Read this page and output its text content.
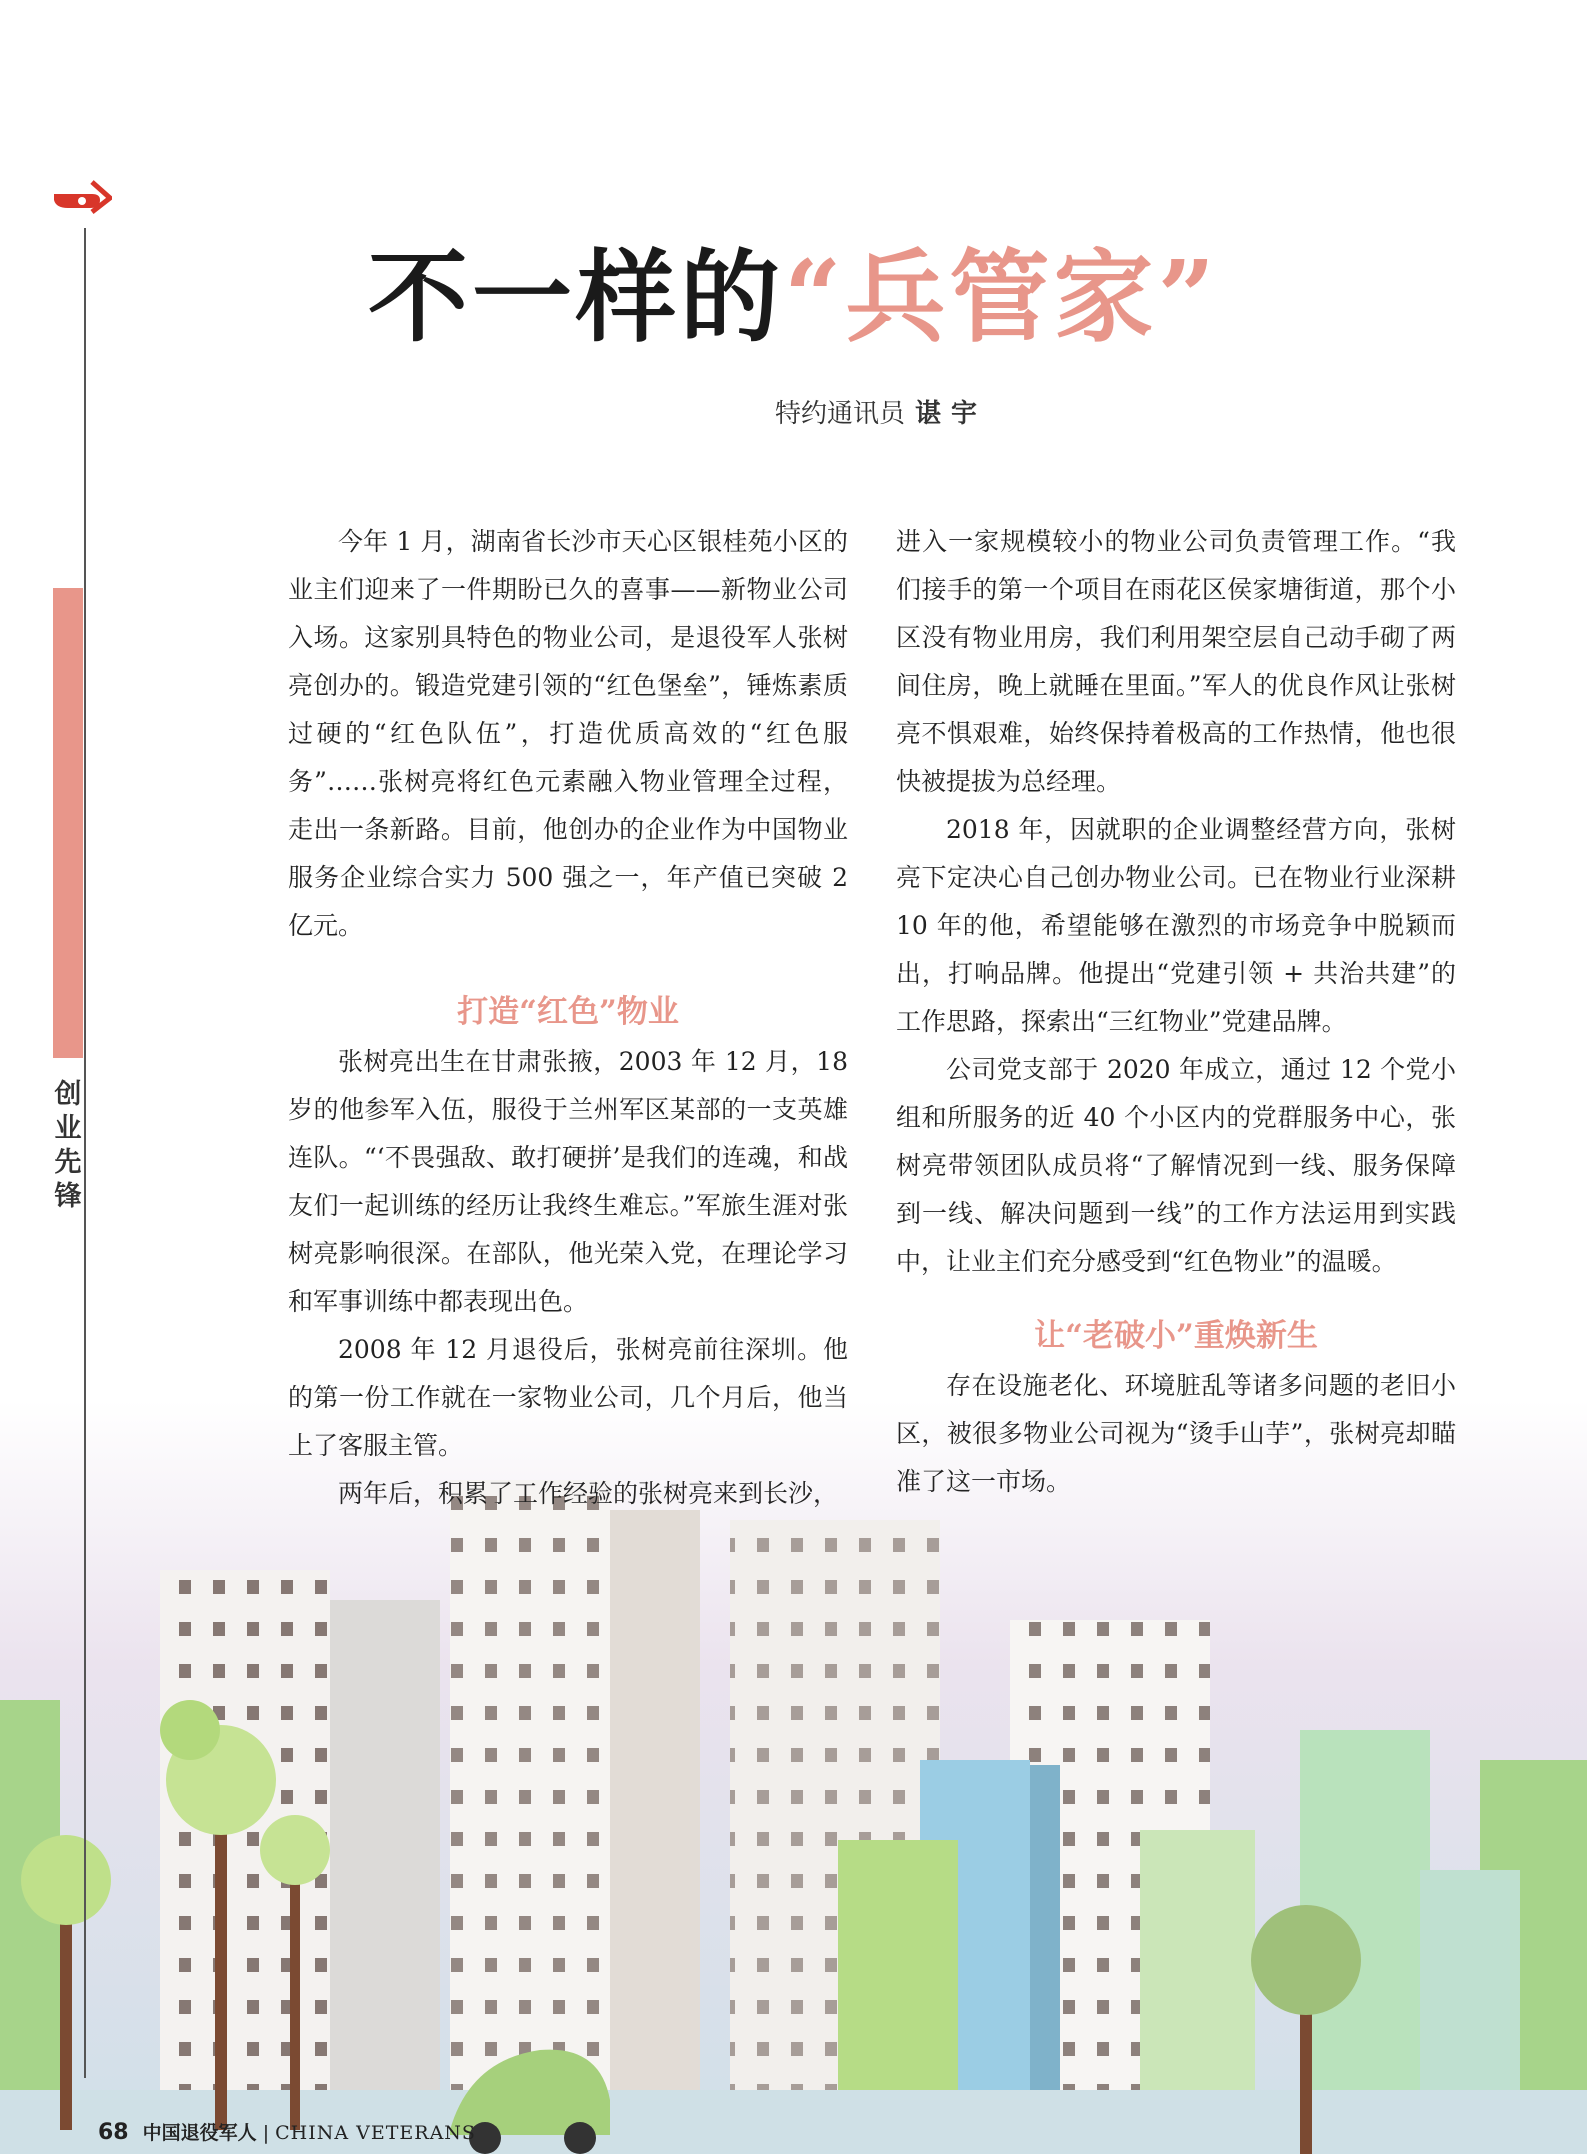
创业先锋
不一样的“兵管家”
特约通讯员 谌宇

今年 1 月，湖南省长沙市天心区银桂苑小区的业主们迎来了一件期盼已久的喜事——新物业公司入场。这家别具特色的物业公司，是退役军人张树亮创办的。锻造党建引领的“红色堡垒”，锤炼素质过硬的“红色队伍”，打造优质高效的“红色服务”……张树亮将红色元素融入物业管理全过程，走出一条新路。目前，他创办的企业作为中国物业服务企业综合实力 500 强之一，年产值已突破 2 亿元。

打造“红色”物业

张树亮出生在甘肃张掖，2003 年 12 月，18 岁的他参军入伍，服役于兰州军区某部的一支英雄连队。“‘不畏强敌、敢打硬拼’是我们的连魂，和战友们一起训练的经历让我终生难忘。”军旅生涯对张树亮影响很深。在部队，他光荣入党，在理论学习和军事训练中都表现出色。

2008 年 12 月退役后，张树亮前往深圳。他的第一份工作就在一家物业公司，几个月后，他当上了客服主管。

两年后，积累了工作经验的张树亮来到长沙，

进入一家规模较小的物业公司负责管理工作。“我们接手的第一个项目在雨花区侯家塘街道，那个小区没有物业用房，我们利用架空层自己动手砌了两间住房，晚上就睡在里面。”军人的优良作风让张树亮不惧艰难，始终保持着极高的工作热情，他也很快被提拔为总经理。

2018 年，因就职的企业调整经营方向，张树亮下定决心自己创办物业公司。已在物业行业深耕 10 年的他，希望能够在激烈的市场竞争中脱颖而出，打响品牌。他提出“党建引领 + 共治共建”的工作思路，探索出“三红物业”党建品牌。

公司党支部于 2020 年成立，通过 12 个党小组和所服务的近 40 个小区内的党群服务中心，张树亮带领团队成员将“了解情况到一线、服务保障到一线、解决问题到一线”的工作方法运用到实践中，让业主们充分感受到“红色物业”的温暖。

让“老破小”重焕新生

存在设施老化、环境脏乱等诸多问题的老旧小区，被很多物业公司视为“烫手山芋”，张树亮却瞄准了这一市场。

68 中国退役军人 | CHINA VETERANS
